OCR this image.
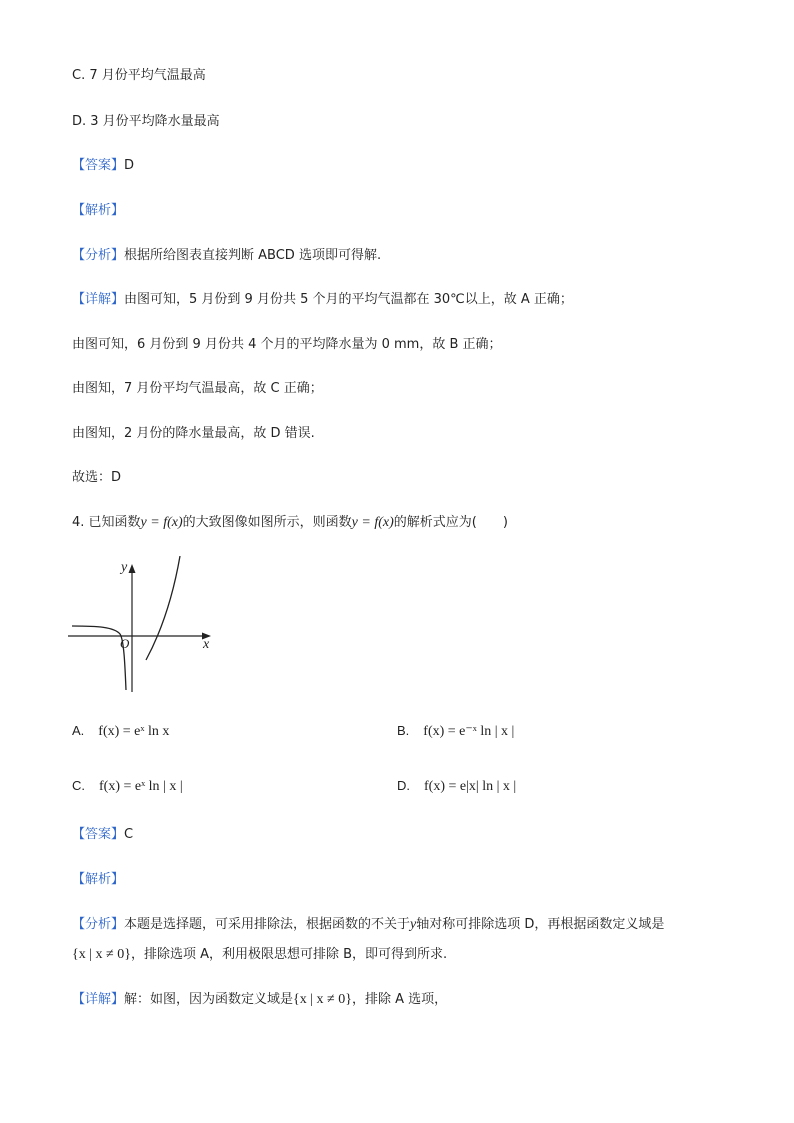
C. 7 月份平均气温最高
D. 3 月份平均降水量最高
【答案】D
【解析】
【分析】根据所给图表直接判断 ABCD 选项即可得解.
【详解】由图可知，5 月份到 9 月份共 5 个月的平均气温都在 30℃以上，故 A 正确；
由图可知，6 月份到 9 月份共 4 个月的平均降水量为 0 mm，故 B 正确；
由图知，7 月份平均气温最高，故 C 正确；
由图知，2 月份的降水量最高，故 D 错误.
故选：D
4. 已知函数y = f(x)的大致图像如图所示，则函数y = f(x)的解析式应为(　　)
y
x
O
A. f(x) = eˣ ln x	B. f(x) = e⁻ˣ ln | x |
C. f(x) = eˣ ln | x |	D. f(x) = e|x| ln | x |
【答案】C
【解析】
【分析】本题是选择题，可采用排除法，根据函数的不关于y轴对称可排除选项 D，再根据函数定义域是
{x | x ≠ 0}，排除选项 A，利用极限思想可排除 B，即可得到所求.
【详解】解：如图，因为函数定义域是{x | x ≠ 0}，排除 A 选项，
